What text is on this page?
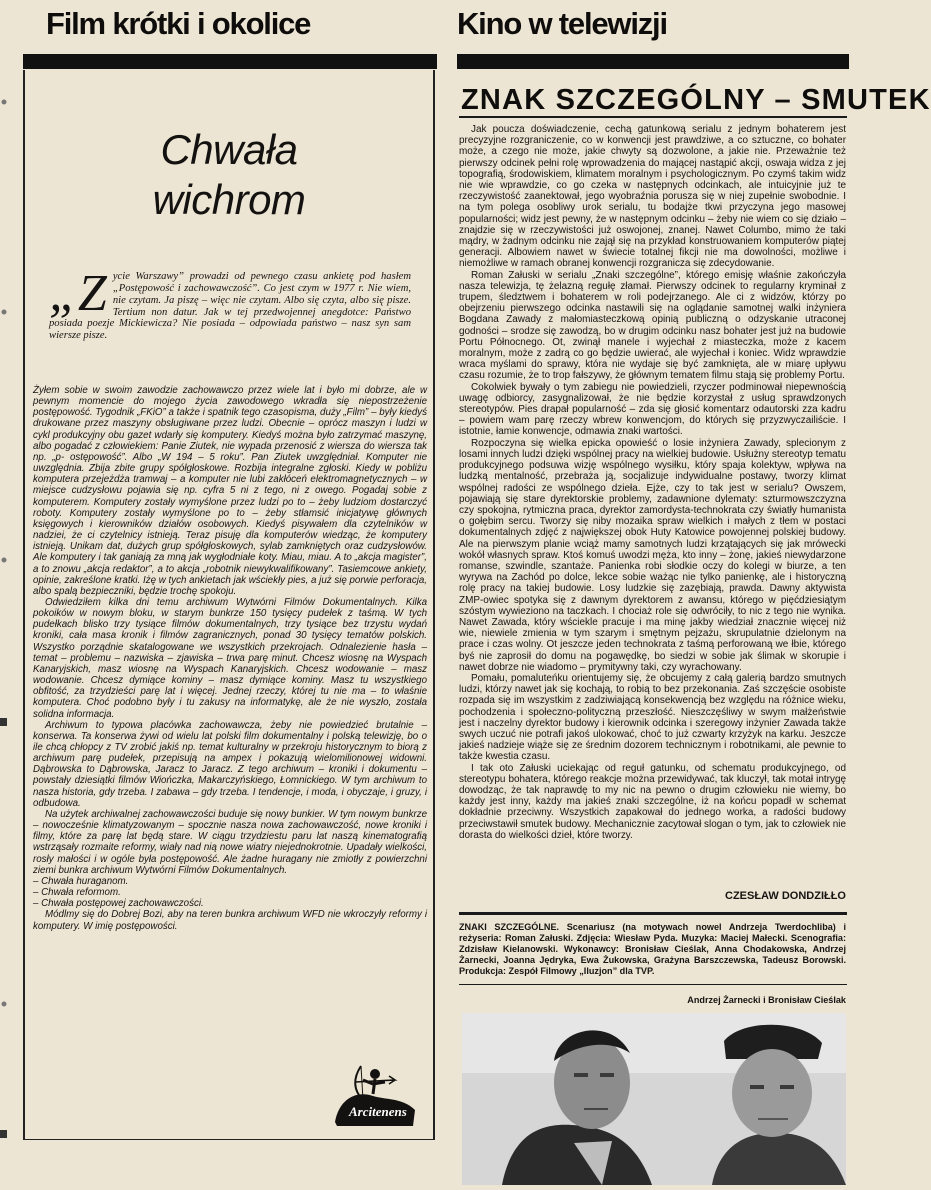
Film krótki i okolice	Kino w telewizji
Chwała
wichrom
„Z ycie Warszawy” prowadzi od pewnego czasu ankietę pod hasłem „Postępowość i zachowawczość”. Co jest czym w 1977 r. Nie wiem, nie czytam. Ja piszę – więc nie czytam. Albo się czyta, albo się pisze. Tertium non datur. Jak w tej przedwojennej anegdotce: Państwo posiada poezje Mickiewicza? Nie posiada – odpowiada państwo – nasz syn sam wiersze pisze.

Żyłem sobie w swoim zawodzie zachowawczo przez wiele lat i było mi dobrze, ale w pewnym momencie do mojego życia zawodowego wkradła się niepostrzeżenie postępowość. Tygodnik „FKiO” a także i spatnik tego czasopisma, duży „Film” – były kiedyś drukowane przez maszyny obsługiwane przez ludzi. Obecnie – oprócz maszyn i ludzi w cykl produkcyjny obu gazet wdarły się komputery. Kiedyś można było zatrzymać maszynę, albo pogadać z człowiekiem: Panie Ziutek, nie wypada przenosić z wiersza do wiersza tak np. „p- ostępowość”. Albo „W 194 – 5 roku”. Pan Ziutek uwzględniał. Komputer nie uwzględnia. Zbija zbite grupy spółgłoskowe. Rozbija integralne zgłoski. Kiedy w pobliżu komputera przejeżdża tramwaj – a komputer nie lubi zakłóceń elektromagnetycznych – w miejsce cudzysłowu pojawia się np. cyfra 5 ni z tego, ni z owego. Pogadaj sobie z komputerem. Komputery zostały wymyślone przez ludzi po to – żeby ludziom dostarczyć roboty. Komputery zostały wymyślone po to – żeby stłamsić inicjatywę głównych księgowych i kierowników działów osobowych. Kiedyś pisywałem dla czytelników w nadziei, że ci czytelnicy istnieją. Teraz pisuję dla komputerów wiedząc, że komputery istnieją. Unikam dat, dużych grup spółgłoskowych, sylab zamkniętych oraz cudzysłowów. Ale komputery i tak ganiają za mną jak wygłodniałe koty. Miau, miau. A to „akcja magister”, a to znowu „akcja redaktor”, a to akcja „robotnik niewykwalifikowany”. Tasiemcowe ankiety, opinie, zakreślone kratki. Iżę w tych ankietach jak wściekły pies, a już się porwie perforacja, albo spalą bezpieczniki, będzie trochę spokoju.

Odwiedziłem kilka dni temu archiwum Wytwórni Filmów Dokumentalnych. Kilka pokoików w nowym bloku, w starym bunkrze 150 tysięcy pudełek z taśmą. W tych pudełkach blisko trzy tysiące filmów dokumentalnych, trzy tysiące bez trzystu wydań kroniki, cała masa kronik i filmów zagranicznych, ponad 30 tysięcy tematów polskich. Wszystko porządnie skatalogowane we wszystkich przekrojach. Odnalezienie hasła – temat – problemu – nazwiska – zjawiska – trwa parę minut. Chcesz wiosnę na Wyspach Kanaryjskich, masz wiosnę na Wyspach Kanaryjskich. Chcesz wodowanie – masz wodowanie. Chcesz dymiące kominy – masz dymiące kominy. Masz tu wszystkiego obfitość, za trzydzieści parę lat i więcej. Jednej rzeczy, której tu nie ma – to właśnie komputera. Choć podobno były i tu zakusy na informatykę, ale że nie wyszło, została solidna informacja.

Archiwum to typowa placówka zachowawcza, żeby nie powiedzieć brutalnie – konserwa. Ta konserwa żywi od wielu lat polski film dokumentalny i polską telewizję, bo o ile chcą chłopcy z TV zrobić jakiś np. temat kulturalny w przekroju historycznym to biorą z archiwum parę pudełek, przepisują na ampex i pokazują wielomilionowej widowni. Dąbrowska to Dąbrowska, Jaracz to Jaracz. Z tego archiwum – kroniki i dokumentu – powstały dziesiątki filmów Wiończka, Makarczyńskiego, Łomnickiego. W tym archiwum to nasza historia, gdy trzeba. I zabawa – gdy trzeba. I tendencje, i moda, i obyczaje, i gruzy, i odbudowa.

Na użytek archiwalnej zachowawczości buduje się nowy bunkier. W tym nowym bunkrze – nowocześnie klimatyzowanym – spocznie nasza nowa zachowawczość, nowe kroniki i filmy, które za parę lat będą stare. W ciągu trzydziestu paru lat naszą kinematografią wstrząsały rozmaite reformy, wiały nad nią nowe wiatry niejednokrotnie. Upadały wielkości, rosły małości i w ogóle była postępowość. Ale żadne huragany nie zmiotły z powierzchni ziemi bunkra archiwum Wytwórni Filmów Dokumentalnych.

– Chwała huraganom.

– Chwała reformom.

– Chwała postępowej zachowawczości.

Módlmy się do Dobrej Bozi, aby na teren bunkra archiwum WFD nie wkroczyły reformy i komputery. W imię postępowości.

Arcitenens
ZNAK SZCZEGÓLNY – SMUTEK

Jak poucza doświadczenie, cechą gatunkową serialu z jednym bohaterem jest precyzyjne rozgraniczenie, co w konwencji jest prawdziwe, a co sztuczne, co bohater może, a czego nie może, jakie chwyty są dozwolone, a jakie nie. Przeważnie też pierwszy odcinek pełni rolę wprowadzenia do mającej nastąpić akcji, oswaja widza z jej topografią, środowiskiem, klimatem moralnym i psychologicznym. Po czymś takim widz nie wie wprawdzie, co go czeka w następnych odcinkach, ale intuicyjnie już te rzeczywistość zaanektował, jego wyobraźnia porusza się w niej zupełnie swobodnie. I na tym polega osobliwy urok serialu, tu bodajże tkwi przyczyna jego masowej popularności; widz jest pewny, że w następnym odcinku – żeby nie wiem co się działo – znajdzie się w rzeczywistości już oswojonej, znanej. Nawet Columbo, mimo że taki mądry, w żadnym odcinku nie zajął się na przykład konstruowaniem komputerów piątej generacji. Albowiem nawet w świecie totalnej fikcji nie ma dowolności, możliwe i niemożliwe w ramach obranej konwencji rozgranicza się zdecydowanie.

Roman Załuski w serialu „Znaki szczególne”, którego emisję właśnie zakończyła nasza telewizja, tę żelazną regułę złamał. Pierwszy odcinek to regularny kryminał z trupem, śledztwem i bohaterem w roli podejrzanego. Ale ci z widzów, którzy po obejrzeniu pierwszego odcinka nastawili się na oglądanie samotnej walki inżyniera Bogdana Zawady z małomiasteczkową opinią publiczną o odzyskanie utraconej godności – srodze się zawodzą, bo w drugim odcinku nasz bohater jest już na budowie Portu Północnego. Ot, zwinął manele i wyjechał z miasteczka, może z kacem moralnym, może z zadrą co go będzie uwierać, ale wyjechał i koniec. Widz wprawdzie wraca myślami do sprawy, która nie wydaje się być zamknięta, ale w miarę upływu czasu rozumie, że to trop fałszywy, że głównym tematem filmu stają się problemy Portu.

Cokolwiek bywały o tym zabiegu nie powiedzieli, rzyczer podminował niepewnością uwagę odbiorcy, zasygnalizował, że nie będzie korzystał z usług sprawdzonych stereotypów. Pies drapał popularność – zda się głosić komentarz odautorski zza kadru – powiem wam parę rzeczy wbrew konwencjom, do których się przyzwyczailiście. I istotnie, łamie konwencje, odmawia znaki wartości.

Rozpoczyna się wielka epicka opowieść o losie inżyniera Zawady, splecionym z losami innych ludzi dzięki wspólnej pracy na wielkiej budowie. Usłużny stereotyp tematu produkcyjnego podsuwa wizję wspólnego wysiłku, który spaja kolektyw, wpływa na ludzką mentalność, przebraża ją, socjalizuje indywidualne postawy, tworzy klimat wspólnej radości ze wspólnego dzieła. Ejże, czy to tak jest w serialu? Owszem, pojawiają się stare dyrektorskie problemy, zadawnione dylematy: szturmowszczyzna czy spokojna, rytmiczna praca, dyrektor zamordysta-technokrata czy światły humanista o gołębim sercu. Tworzy się niby mozaika spraw wielkich i małych z tłem w postaci dokumentalnych zdjęć z największej obok Huty Katowice powojennej polskiej budowy. Ale na pierwszym planie wciąż mamy samotnych ludzi krzątających się jak mrówecki wokół własnych spraw. Ktoś komuś uwodzi męża, kto inny – żonę, jakieś niewydarzone romanse, szwindle, szantaże. Panienka robi słodkie oczy do kolegi w biurze, a ten wyrywa na Zachód po dolce, lekce sobie ważąc nie tylko panienkę, ale i historyczną rolę pracy na takiej budowie. Losy ludzkie się zazębiają, prawda. Dawny aktywista ZMP-owiec spotyka się z dawnym dyrektorem z awansu, którego w pięćdziesiątym szóstym wywieziono na taczkach. I chociaż role się odwróciły, to nic z tego nie wynika. Nawet Zawada, który wściekle pracuje i ma minę jakby wiedział znacznie więcej niż wie, niewiele zmienia w tym szarym i smętnym pejzażu, skrupulatnie dzielonym na prace i czas wolny. Ot jeszcze jeden technokrata z taśmą perforowaną we łbie, którego byś nie zaprosił do domu na pogawędkę, bo siedzi w sobie jak ślimak w skorupie i nawet dobrze nie wiadomo – prymitywny taki, czy wyrachowany.

Pomału, pomaluteńku orientujemy się, że obcujemy z całą galerią bardzo smutnych ludzi, którzy nawet jak się kochają, to robią to bez przekonania. Zaś szczęście osobiste rozpada się im wszystkim z zadziwiającą konsekwencją bez względu na różnice wieku, pochodzenia i społeczno-polityczną przeszłość. Nieszczęśliwy w swym małżeństwie jest i naczelny dyrektor budowy i kierownik odcinka i szeregowy inżynier Zawada także swych uczuć nie potrafi jakoś ulokować, choć to już czwarty krzyżyk na karku. Jeszcze jakieś nadzieje wiąże się ze średnim dozorem technicznym i robotnikami, ale pewnie to także kwestia czasu.

I tak oto Załuski uciekając od reguł gatunku, od schematu produkcyjnego, od stereotypu bohatera, którego reakcje można przewidywać, tak kluczył, tak motał intrygę dowodząc, że tak naprawdę to my nic na pewno o drugim człowieku nie wiemy, bo każdy jest inny, każdy ma jakieś znaki szczególne, iż na końcu popadł w schemat dokładnie przeciwny. Wszystkich zapakował do jednego worka, a radości budowy przeciwstawił smutek budowy. Mechanicznie zacytował slogan o tym, jak to człowiek nie dorasta do wielkości dzieł, które tworzy.

CZESŁAW DONDZIŁŁO
ZNAKI SZCZEGÓLNE. Scenariusz (na motywach nowel Andrzeja Twerdochliba) i reżyseria: Roman Załuski. Zdjęcia: Wiesław Pyda. Muzyka: Maciej Małecki. Scenografia: Zdzisław Kielanowski. Wykonawcy: Bronisław Cieślak, Anna Chodakowska, Andrzej Żarnecki, Joanna Jędryka, Ewa Żukowska, Grażyna Barszczewska, Tadeusz Borowski. Produkcja: Zespół Filmowy „Iluzjon” dla TVP.
Andrzej Żarnecki i Bronisław Cieślak
